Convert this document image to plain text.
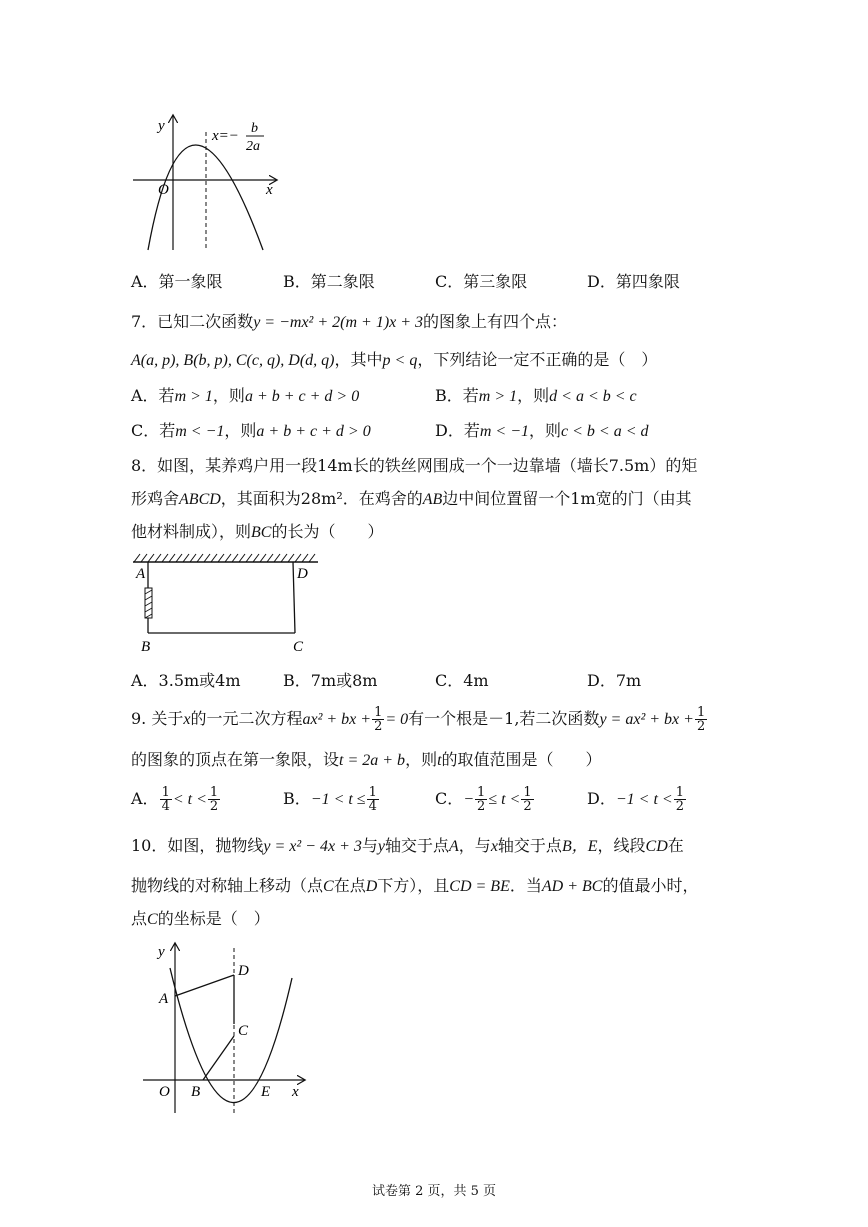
y
x
O
x=− b
2a
A．第一象限	B．第二象限	C．第三象限	D．第四象限
7．已知二次函数y = −mx² + 2(m + 1)x + 3的图象上有四个点：
A(a, p), B(b, p), C(c, q), D(d, q)，其中p < q，下列结论一定不正确的是（　）
A．若m > 1，则a + b + c + d > 0	B．若m > 1，则d < a < b < c
C．若m < −1，则a + b + c + d > 0	D．若m < −1，则c < b < a < d
8．如图，某养鸡户用一段14m长的铁丝网围成一个一边靠墙（墙长7.5m）的矩
形鸡舍ABCD，其面积为28m²．在鸡舍的AB边中间位置留一个1m宽的门（由其
他材料制成），则BC的长为（　　）
A	D
B	C
A．3.5m或4m	B．7m或8m	C．4m	D．7m
9. 关于x的一元二次方程ax² + bx + $\frac{1}{2} = 0$有一个根是－1,若二次函数y = ax² + bx + $\frac{1}{2}$
的图象的顶点在第一象限，设t = 2a + b，则t的取值范围是（　　）
A． $\frac{1}{4} < t < \frac{1}{2}$	B．$-1 < t \le \frac{1}{4}$	C．− $\frac{1}{2} \le t < \frac{1}{2}$	D．$-1 < t < \frac{1}{2}$
10．如图，抛物线y = x² − 4x + 3与y轴交于点A，与x轴交于点B，E，线段CD在
抛物线的对称轴上移动（点C在点D下方），且CD = BE．当AD + BC的值最小时，
点C的坐标是（　）
y
x
O
A
B
C
D
E
试卷第 2 页，共 5 页
